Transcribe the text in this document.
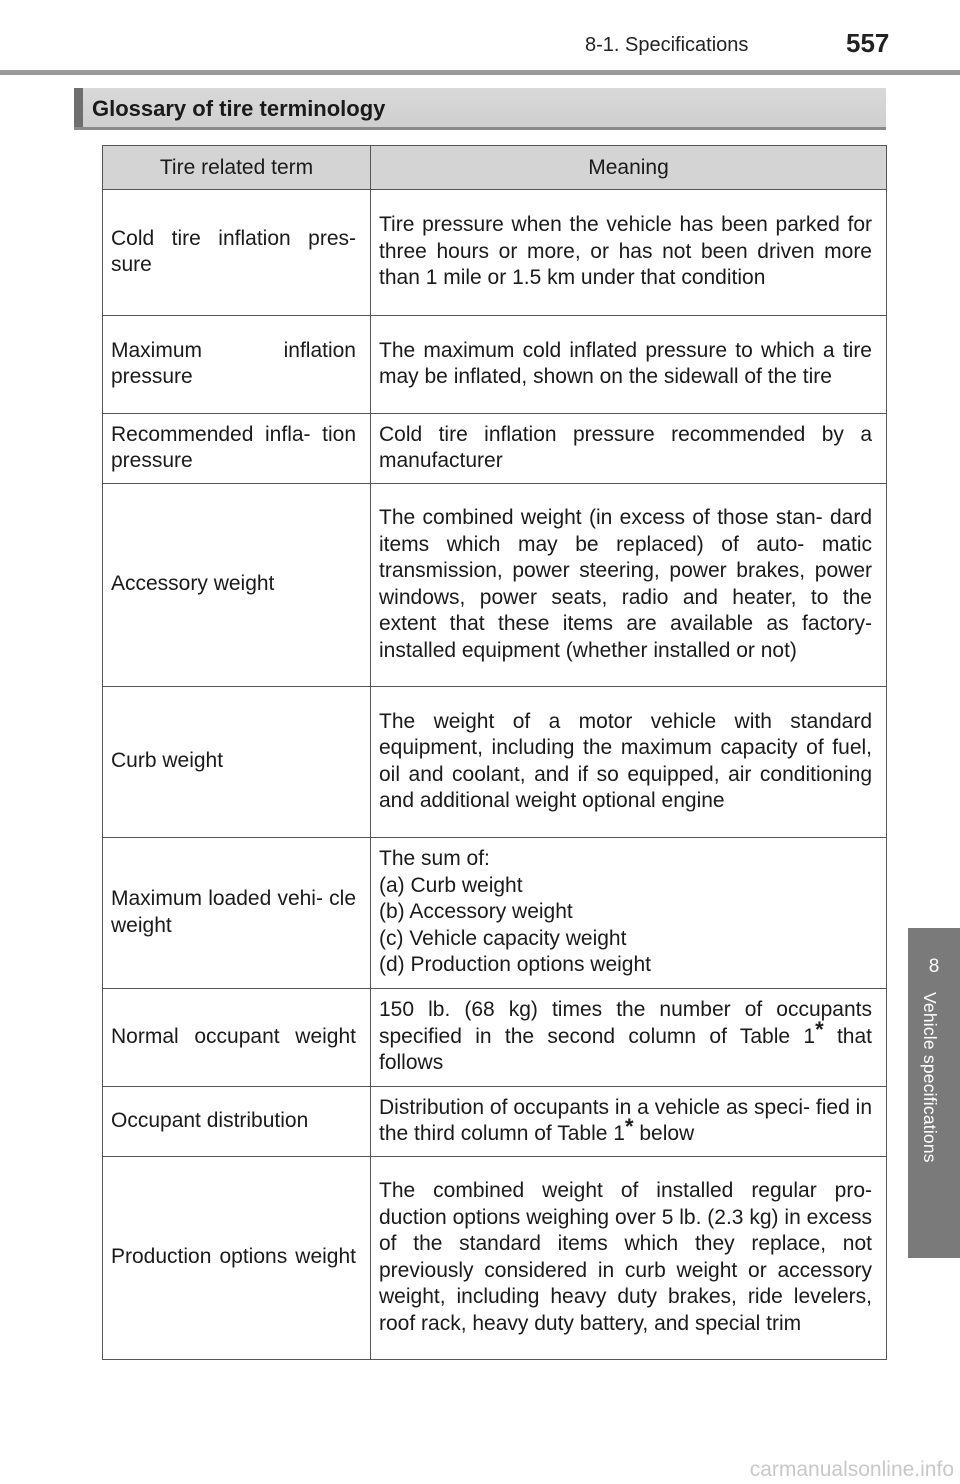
8-1. Specifications	557
8
Vehicle specifications
Glossary of tire terminology
Tire related term	Meaning
Cold tire inflation pres- sure	Tire pressure when the vehicle has been parked for three hours or more, or has not been driven more than 1 mile or 1.5 km under that condition
Maximum inflation pressure	The maximum cold inflated pressure to which a tire may be inflated, shown on the sidewall of the tire
Recommended infla- tion pressure	Cold tire inflation pressure recommended by a manufacturer
Accessory weight	The combined weight (in excess of those stan- dard items which may be replaced) of auto- matic transmission, power steering, power brakes, power windows, power seats, radio and heater, to the extent that these items are available as factory-installed equipment (whether installed or not)
Curb weight	The weight of a motor vehicle with standard equipment, including the maximum capacity of fuel, oil and coolant, and if so equipped, air conditioning and additional weight optional engine
Maximum loaded vehi- cle weight	The sum of:
(a) Curb weight
(b) Accessory weight
(c) Vehicle capacity weight
(d) Production options weight
Normal occupant weight	150 lb. (68 kg) times the number of occupants specified in the second column of Table 1* that follows
Occupant distribution	Distribution of occupants in a vehicle as speci- fied in the third column of Table 1* below
Production options weight	The combined weight of installed regular pro- duction options weighing over 5 lb. (2.3 kg) in excess of the standard items which they replace, not previously considered in curb weight or accessory weight, including heavy duty brakes, ride levelers, roof rack, heavy duty battery, and special trim
carmanualsonline.info
